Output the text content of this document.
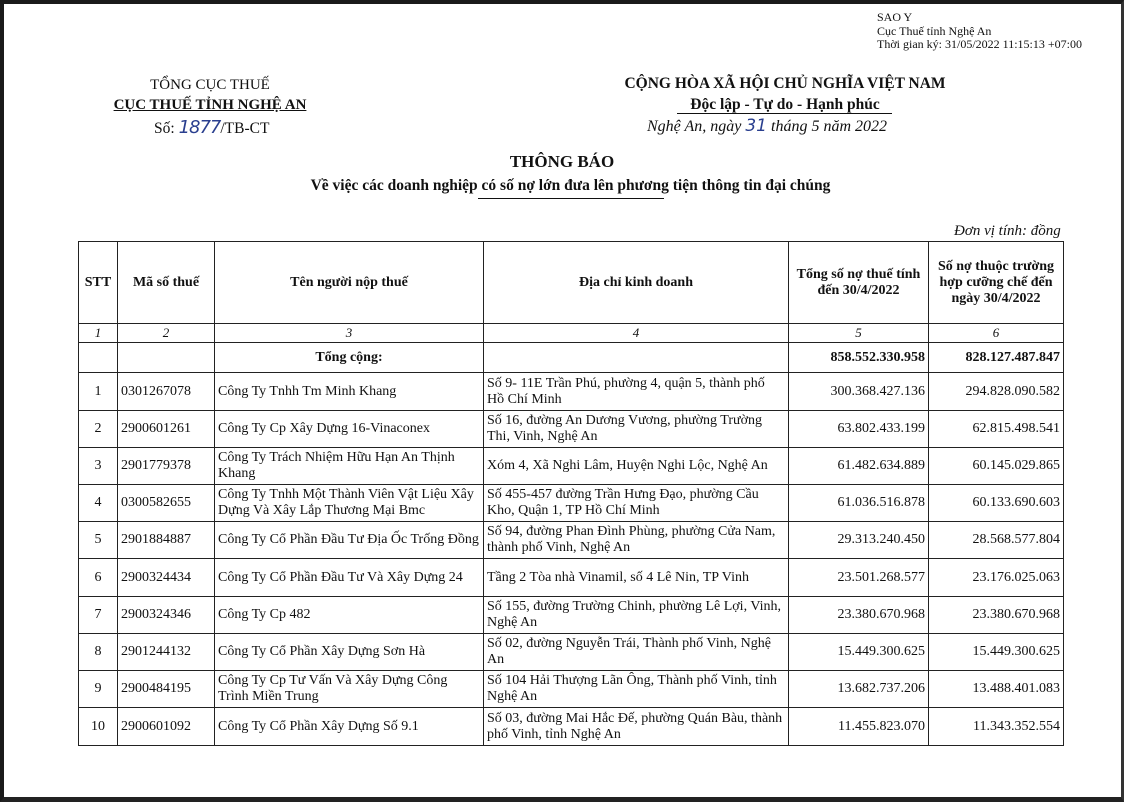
SAO Y
Cục Thuế tỉnh Nghệ An
Thời gian ký: 31/05/2022 11:15:13 +07:00
TỔNG CỤC THUẾ
CỤC THUẾ TỈNH NGHỆ AN
Số: 1877/TB-CT
CỘNG HÒA XÃ HỘI CHỦ NGHĨA VIỆT NAM
Độc lập - Tự do - Hạnh phúc
Nghệ An, ngày 31 tháng 5 năm 2022
THÔNG BÁO
Về việc các doanh nghiệp có số nợ lớn đưa lên phương tiện thông tin đại chúng
Đơn vị tính: đồng
STT	Mã số thuế	Tên người nộp thuế	Địa chỉ kinh doanh	Tổng số nợ thuế tính đến 30/4/2022	Số nợ thuộc trường hợp cưỡng chế đến ngày 30/4/2022
1	2	3	4	5	6
		Tổng cộng:		858.552.330.958	828.127.487.847
1	0301267078	Công Ty Tnhh Tm Minh Khang	Số 9- 11E Trần Phú, phường 4, quận 5, thành phố Hồ Chí Minh	300.368.427.136	294.828.090.582
2	2900601261	Công Ty Cp Xây Dựng 16-Vinaconex	Số 16, đường An Dương Vương, phường Trường Thi, Vinh, Nghệ An	63.802.433.199	62.815.498.541
3	2901779378	Công Ty Trách Nhiệm Hữu Hạn An Thịnh Khang	Xóm 4, Xã Nghi Lâm, Huyện Nghi Lộc, Nghệ An	61.482.634.889	60.145.029.865
4	0300582655	Công Ty Tnhh Một Thành Viên Vật Liệu Xây Dựng Và Xây Lắp Thương Mại Bmc	Số 455-457 đường Trần Hưng Đạo, phường Cầu Kho, Quận 1, TP Hồ Chí Minh	61.036.516.878	60.133.690.603
5	2901884887	Công Ty Cổ Phần Đầu Tư Địa Ốc Trống Đồng	Số 94, đường Phan Đình Phùng, phường Cửa Nam, thành phố Vinh, Nghệ An	29.313.240.450	28.568.577.804
6	2900324434	Công Ty Cổ Phần Đầu Tư Và Xây Dựng 24	Tầng 2 Tòa nhà Vinamil, số 4 Lê Nin, TP Vinh	23.501.268.577	23.176.025.063
7	2900324346	Công Ty Cp 482	Số 155, đường Trường Chinh, phường Lê Lợi, Vinh, Nghệ An	23.380.670.968	23.380.670.968
8	2901244132	Công Ty Cổ Phần Xây Dựng Sơn Hà	Số 02, đường Nguyễn Trái, Thành phố Vinh, Nghệ An	15.449.300.625	15.449.300.625
9	2900484195	Công Ty Cp Tư Vấn Và Xây Dựng Công Trình Miền Trung	Số 104 Hải Thượng Lãn Ông, Thành phố Vinh, tỉnh Nghệ An	13.682.737.206	13.488.401.083
10	2900601092	Công Ty Cổ Phần Xây Dựng Số 9.1	Số 03, đường Mai Hắc Đế, phường Quán Bàu, thành phố Vinh, tỉnh Nghệ An	11.455.823.070	11.343.352.554
